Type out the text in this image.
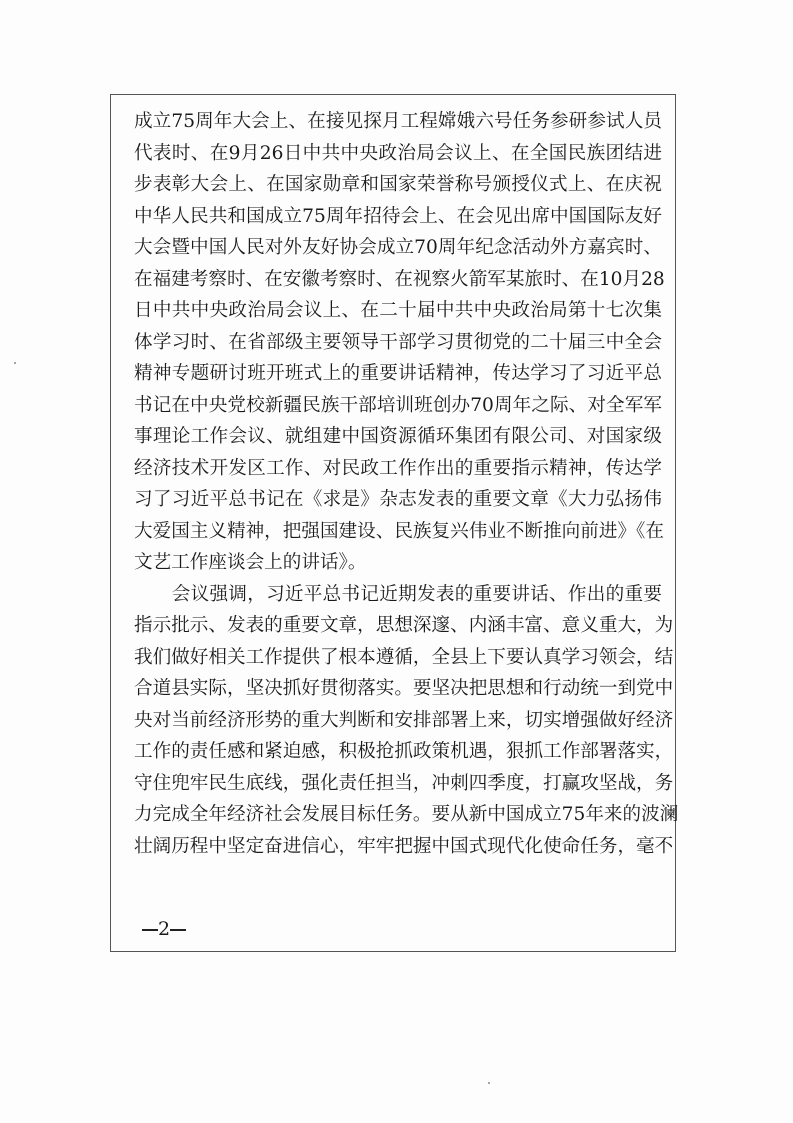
成立75周年大会上、在接见探月工程嫦娥六号任务参研参试人员
代表时、在9月26日中共中央政治局会议上、在全国民族团结进
步表彰大会上、在国家勋章和国家荣誉称号颁授仪式上、在庆祝
中华人民共和国成立75周年招待会上、在会见出席中国国际友好
大会暨中国人民对外友好协会成立70周年纪念活动外方嘉宾时、
在福建考察时、在安徽考察时、在视察火箭军某旅时、在10月28
日中共中央政治局会议上、在二十届中共中央政治局第十七次集
体学习时、在省部级主要领导干部学习贯彻党的二十届三中全会
精神专题研讨班开班式上的重要讲话精神，传达学习了习近平总
书记在中央党校新疆民族干部培训班创办70周年之际、对全军军
事理论工作会议、就组建中国资源循环集团有限公司、对国家级
经济技术开发区工作、对民政工作作出的重要指示精神，传达学
习了习近平总书记在《求是》杂志发表的重要文章《大力弘扬伟
大爱国主义精神，把强国建设、民族复兴伟业不断推向前进》《在
文艺工作座谈会上的讲话》。
　　会议强调，习近平总书记近期发表的重要讲话、作出的重要
指示批示、发表的重要文章，思想深邃、内涵丰富、意义重大，为
我们做好相关工作提供了根本遵循，全县上下要认真学习领会，结
合道县实际，坚决抓好贯彻落实。要坚决把思想和行动统一到党中
央对当前经济形势的重大判断和安排部署上来，切实增强做好经济
工作的责任感和紧迫感，积极抢抓政策机遇，狠抓工作部署落实，
守住兜牢民生底线，强化责任担当，冲刺四季度，打赢攻坚战，务
力完成全年经济社会发展目标任务。要从新中国成立75年来的波澜
壮阔历程中坚定奋进信心，牢牢把握中国式现代化使命任务，毫不
2
